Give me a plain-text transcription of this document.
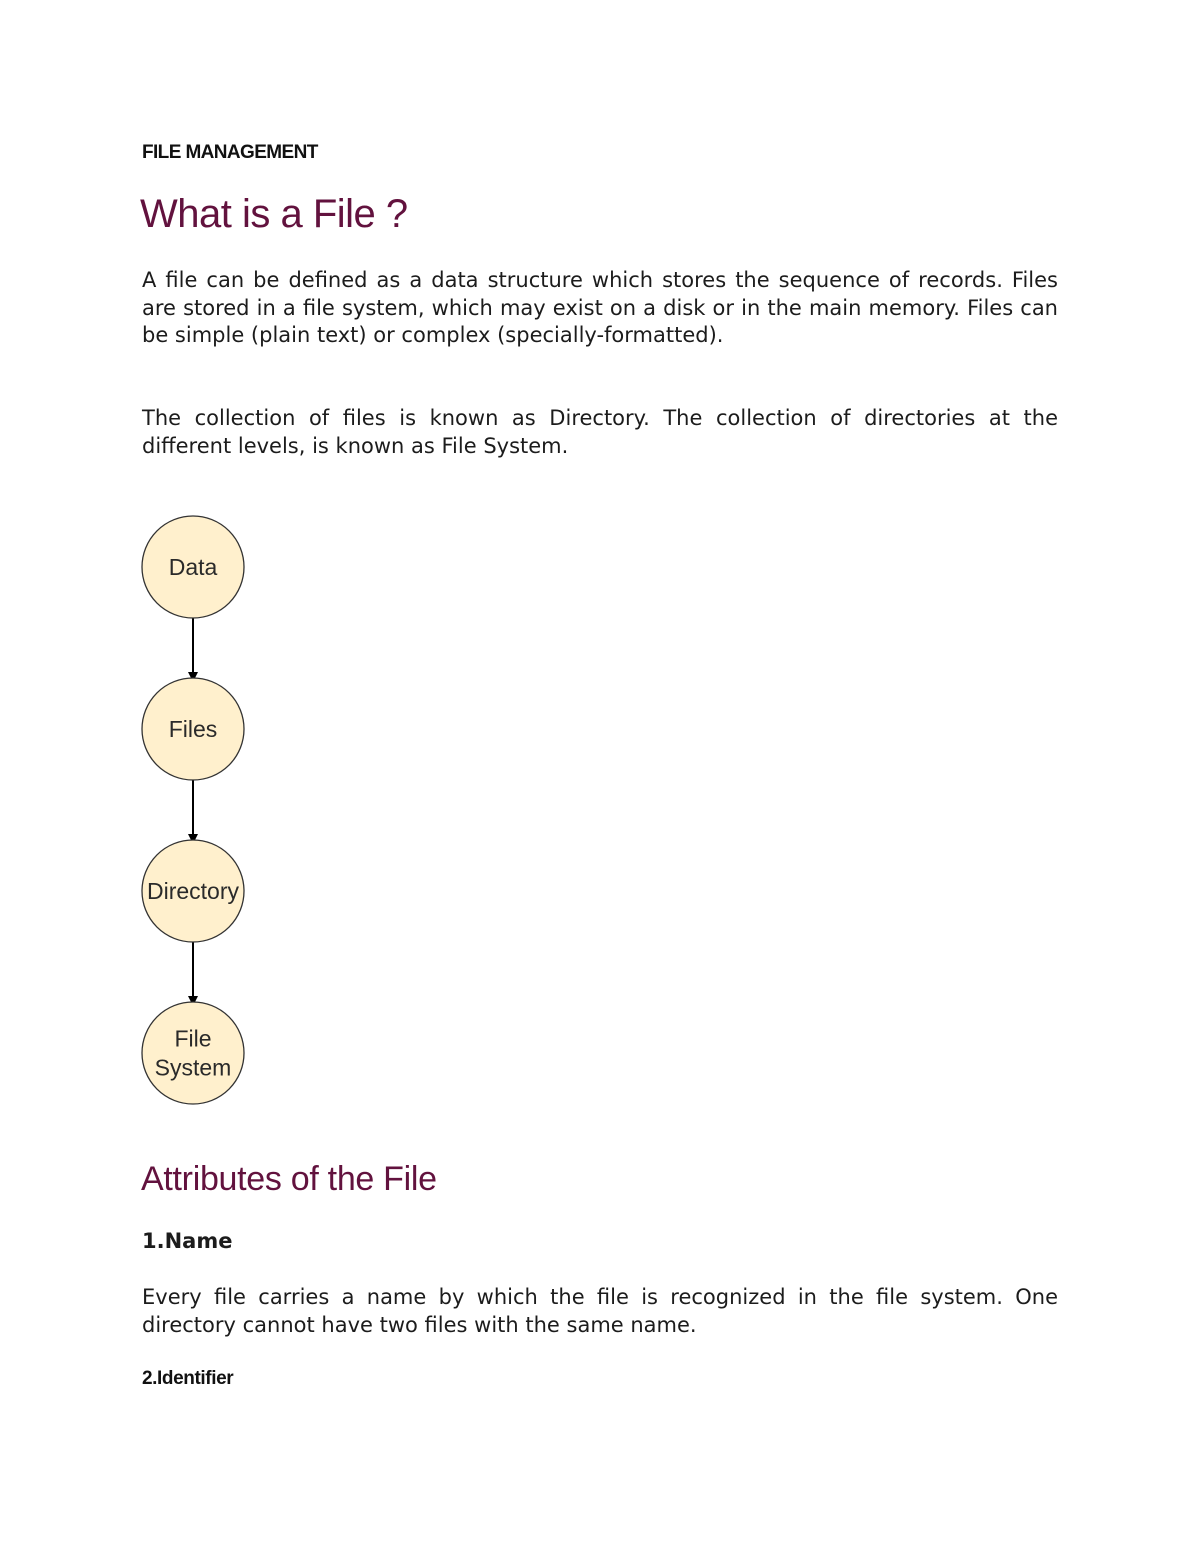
FILE MANAGEMENT
What is a File ?

A file can be defined as a data structure which stores the sequence of records. Files are stored in a file system, which may exist on a disk or in the main memory. Files can be simple (plain text) or complex (specially-formatted).

The collection of files is known as Directory. The collection of directories at the different levels, is known as File System.

Data
Files
Directory
File
System
Attributes of the File
1.Name

Every file carries a name by which the file is recognized in the file system. One directory cannot have two files with the same name.

2.Identifier
